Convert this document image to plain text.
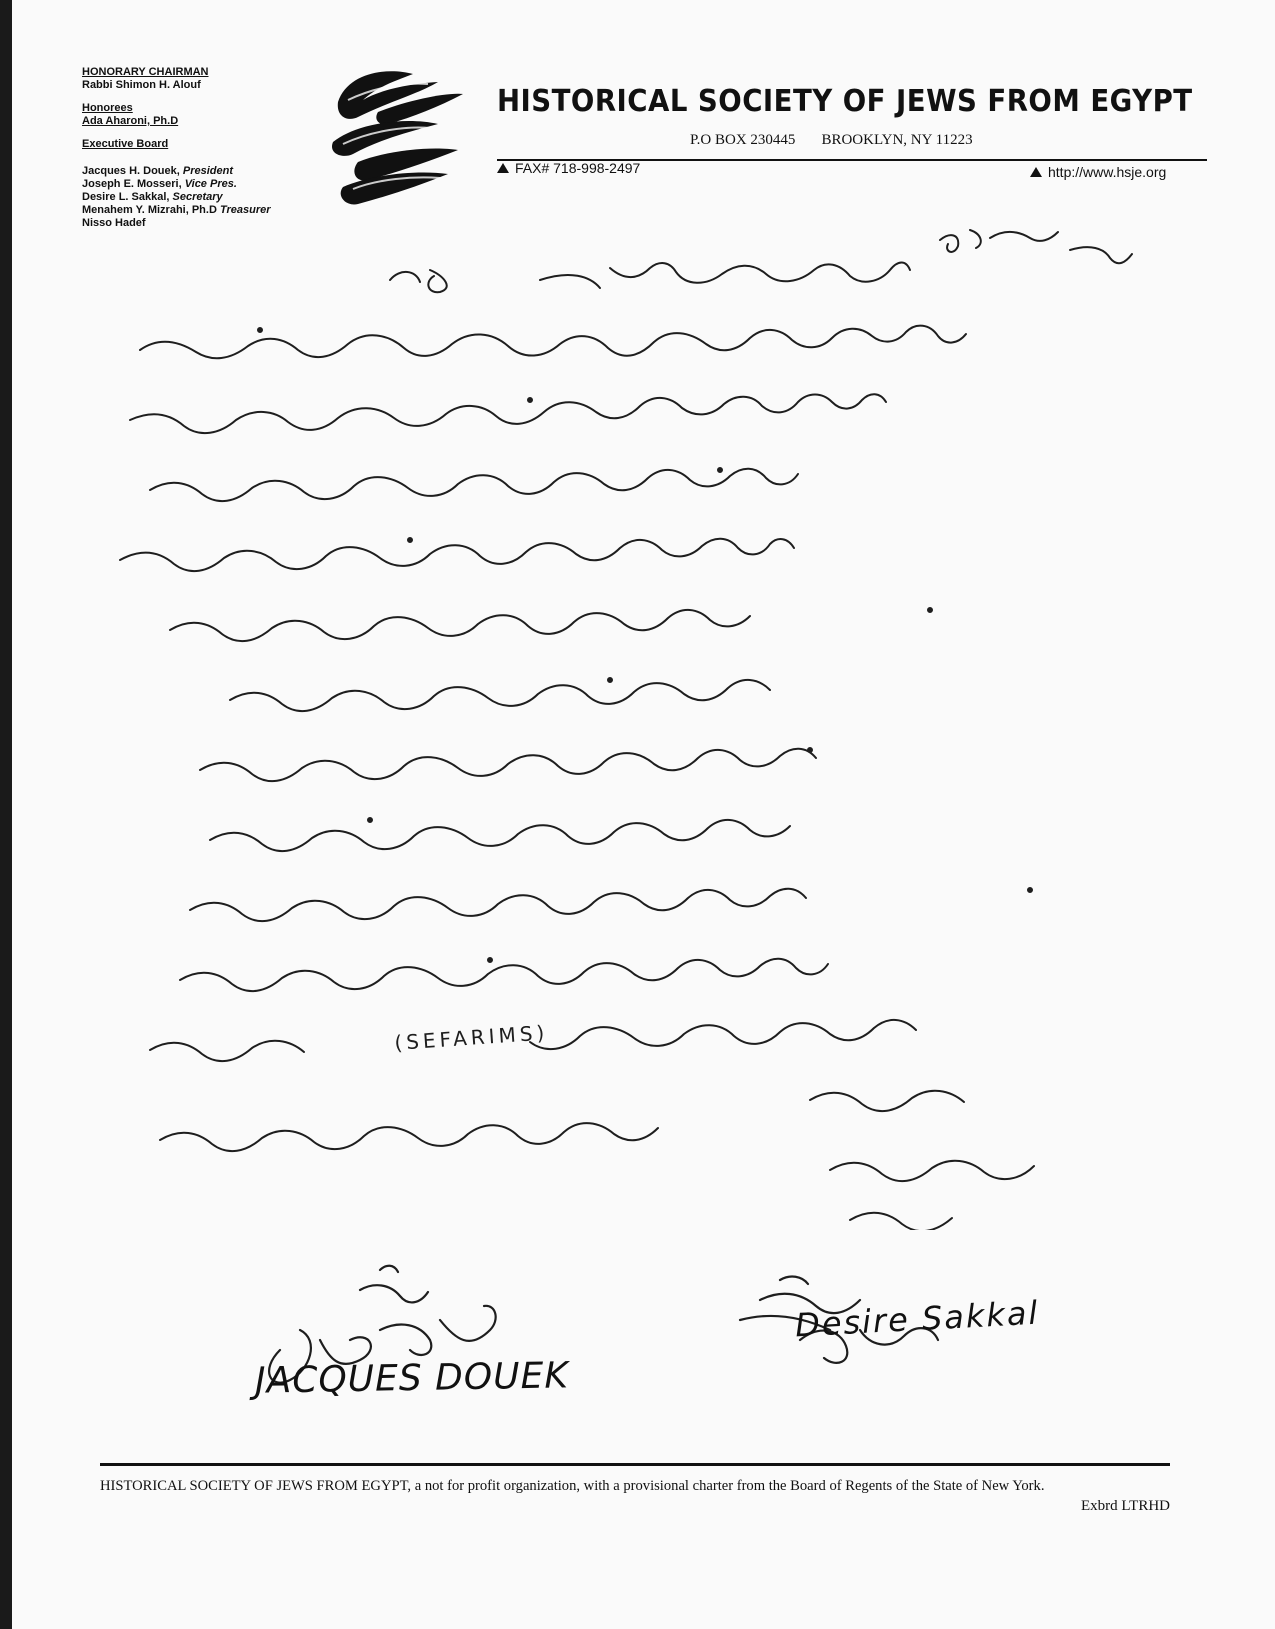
HONORARY CHAIRMAN
Rabbi Shimon H. Alouf
Honorees
Ada Aharoni, Ph.D
Executive Board
Jacques H. Douek, President
Joseph E. Mosseri, Vice Pres.
Desire L. Sakkal, Secretary
Menahem Y. Mizrahi, Ph.D Treasurer
Nisso Hadef
HISTORICAL SOCIETY OF JEWS FROM EGYPT
P.O BOX 230445 BROOKLYN, NY 11223
FAX# 718-998-2497	http://www.hsje.org
(SEFARIMS)
JACQUES DOUEK
Desire Sakkal
HISTORICAL SOCIETY OF JEWS FROM EGYPT, a not for profit organization, with a provisional charter from the Board of Regents of the State of New York.
Exbrd LTRHD
